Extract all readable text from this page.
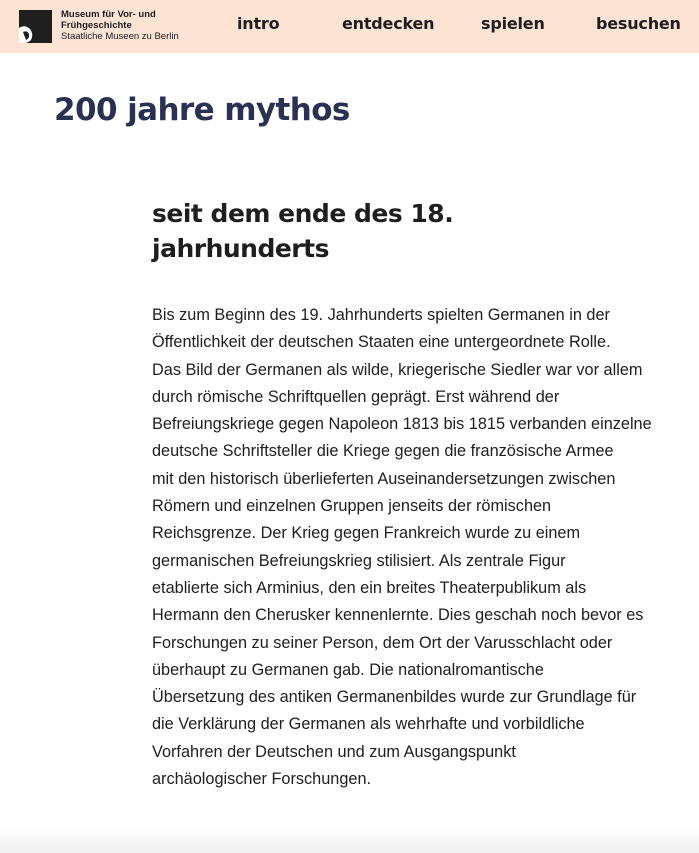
Museum für Vor- und
Frühgeschichte
Staatliche Museen zu Berlin
intro	entdecken	spielen	besuchen
200 jahre mythos
seit dem ende des 18.
jahrhunderts
Bis zum Beginn des 19. Jahrhunderts spielten Germanen in der
Öffentlichkeit der deutschen Staaten eine untergeordnete Rolle.
Das Bild der Germanen als wilde, kriegerische Siedler war vor allem
durch römische Schriftquellen geprägt. Erst während der
Befreiungskriege gegen Napoleon 1813 bis 1815 verbanden einzelne
deutsche Schriftsteller die Kriege gegen die französische Armee
mit den historisch überlieferten Auseinandersetzungen zwischen
Römern und einzelnen Gruppen jenseits der römischen
Reichsgrenze. Der Krieg gegen Frankreich wurde zu einem
germanischen Befreiungskrieg stilisiert. Als zentrale Figur
etablierte sich Arminius, den ein breites Theaterpublikum als
Hermann den Cherusker kennenlernte. Dies geschah noch bevor es
Forschungen zu seiner Person, dem Ort der Varusschlacht oder
überhaupt zu Germanen gab. Die nationalromantische
Übersetzung des antiken Germanenbildes wurde zur Grundlage für
die Verklärung der Germanen als wehrhafte und vorbildliche
Vorfahren der Deutschen und zum Ausgangspunkt
archäologischer Forschungen.
